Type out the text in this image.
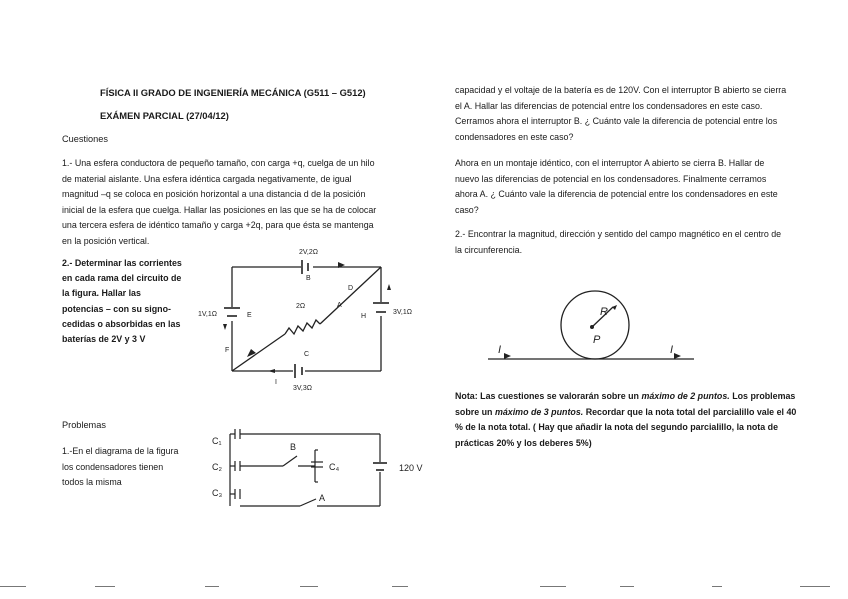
FÍSICA II GRADO DE INGENIERÍA MECÁNICA (G511 – G512)
EXÁMEN PARCIAL (27/04/12)
Cuestiones
1.- Una esfera conductora de pequeño tamaño, con carga +q, cuelga de un hilo de material aislante. Una esfera idéntica cargada negativamente, de igual magnitud –q se coloca en posición horizontal a una distancia d de la posición inicial de la esfera que cuelga. Hallar las posiciones en las que se ha de colocar una tercera esfera de idéntico tamaño y carga +2q, para que ésta se mantenga en la posición vertical.
2.- Determinar las corrientes en cada rama del circuito de la figura. Hallar las potencias – con su signo- cedidas o absorbidas en las baterías de 2V y 3 V
2V,2Ω
1V,1Ω	3V,1Ω
3V,3Ω
2Ω
E
B
D
I
A
H
C
F
Problemas
1.-En el diagrama de la figura los condensadores tienen todos la misma
C₁
C₂
C₃
C₄
B
A
120 V
capacidad y el voltaje de la batería es de 120V. Con el interruptor B abierto se cierra el A. Hallar las diferencias de potencial entre los condensadores en este caso. Cerramos ahora el interruptor B. ¿ Cuánto vale la diferencia de potencial entre los condensadores en este caso?
Ahora en un montaje idéntico, con el interruptor A abierto se cierra B. Hallar de nuevo las diferencias de potencial en los condensadores. Finalmente cerramos ahora A. ¿ Cuánto vale la diferencia de potencial entre los condensadores en este caso?
2.- Encontrar la magnitud, dirección y sentido del campo magnético en el centro de la circunferencia.
R
P
I	I
Nota: Las cuestiones se valorarán sobre un máximo de 2 puntos. Los problemas sobre un máximo de 3 puntos. Recordar que la nota total del parcialillo vale el 40 % de la nota total. ( Hay que añadir la nota del segundo parcialillo, la nota de prácticas 20% y los deberes 5%)
